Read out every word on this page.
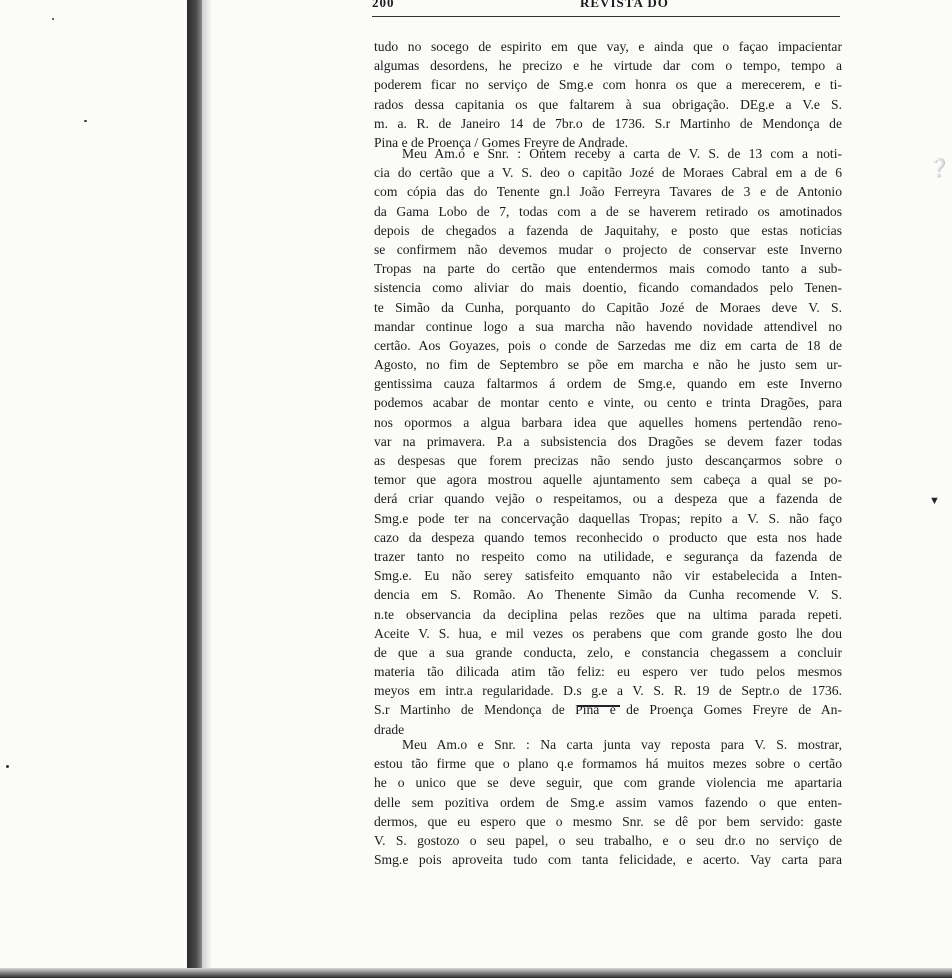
❔
▼
200	REVISTA DO
tudo no socego de espirito em que vay, e ainda que o façao impacientar
algumas desordens, he precizo e he virtude dar com o tempo, tempo a
poderem ficar no serviço de Smg.e com honra os que a merecerem, e ti-
rados dessa capitania os que faltarem à sua obrigação. DEg.e a V.e S.
m. a. R. de Janeiro 14 de 7br.o de 1736. S.r Martinho de Mendonça de
Pina e de Proença / Gomes Freyre de Andrade.
Meu Am.o e Snr. : Ontem receby a carta de V. S. de 13 com a noti-
cia do certão que a V. S. deo o capitão Jozé de Moraes Cabral em a de 6
com cópia das do Tenente gn.l João Ferreyra Tavares de 3 e de Antonio
da Gama Lobo de 7, todas com a de se haverem retirado os amotinados
depois de chegados a fazenda de Jaquitahy, e posto que estas noticias
se confirmem não devemos mudar o projecto de conservar este Inverno
Tropas na parte do certão que entendermos mais comodo tanto a sub-
sistencia como aliviar do mais doentio, ficando comandados pelo Tenen-
te Simão da Cunha, porquanto do Capitão Jozé de Moraes deve V. S.
mandar continue logo a sua marcha não havendo novidade attendivel no
certão. Aos Goyazes, pois o conde de Sarzedas me diz em carta de 18 de
Agosto, no fim de Septembro se põe em marcha e não he justo sem ur-
gentissima cauza faltarmos á ordem de Smg.e, quando em este Inverno
podemos acabar de montar cento e vinte, ou cento e trinta Dragões, para
nos opormos a algua barbara idea que aquelles homens pertendão reno-
var na primavera. P.a a subsistencia dos Dragões se devem fazer todas
as despesas que forem precizas não sendo justo descançarmos sobre o
temor que agora mostrou aquelle ajuntamento sem cabeça a qual se po-
derá criar quando vejão o respeitamos, ou a despeza que a fazenda de
Smg.e pode ter na concervação daquellas Tropas; repito a V. S. não faço
cazo da despeza quando temos reconhecido o producto que esta nos hade
trazer tanto no respeito como na utilidade, e segurança da fazenda de
Smg.e. Eu não serey satisfeito emquanto não vir estabelecida a Inten-
dencia em S. Romão. Ao Thenente Simão da Cunha recomende V. S.
n.te observancia da deciplina pelas rezões que na ultima parada repeti.
Aceite V. S. hua, e mil vezes os perabens que com grande gosto lhe dou
de que a sua grande conducta, zelo, e constancia chegassem a concluir
materia tão dilicada atim tão feliz: eu espero ver tudo pelos mesmos
meyos em intr.a regularidade. D.s g.e a V. S. R. 19 de Septr.o de 1736.
S.r Martinho de Mendonça de Pina e de Proença Gomes Freyre de An-
drade
Meu Am.o e Snr. : Na carta junta vay reposta para V. S. mostrar,
estou tão firme que o plano q.e formamos há muitos mezes sobre o certão
he o unico que se deve seguir, que com grande violencia me apartaria
delle sem pozitiva ordem de Smg.e assim vamos fazendo o que enten-
dermos, que eu espero que o mesmo Snr. se dê por bem servido: gaste
V. S. gostozo o seu papel, o seu trabalho, e o seu dr.o no serviço de
Smg.e pois aproveita tudo com tanta felicidade, e acerto. Vay carta para
